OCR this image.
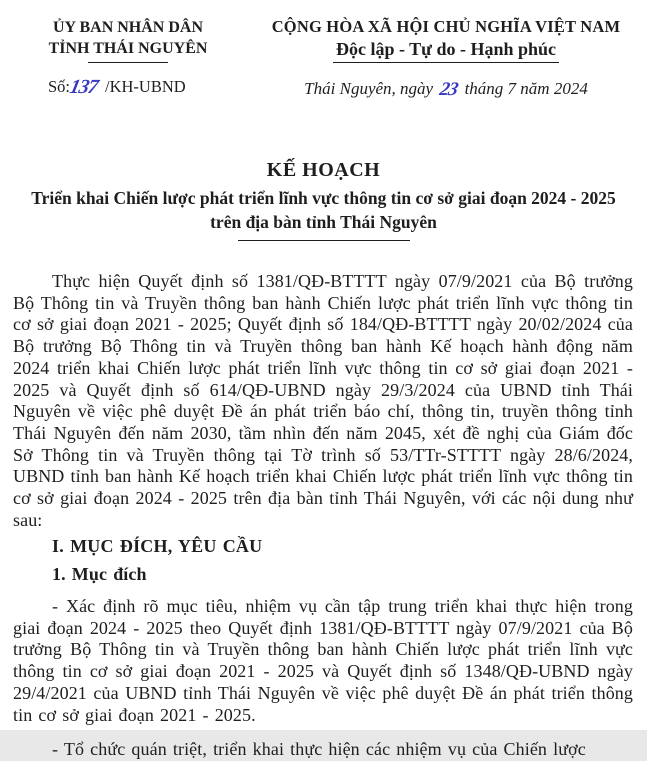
ỦY BAN NHÂN DÂN
TỈNH THÁI NGUYÊN
Số:137 /KH-UBND
CỘNG HÒA XÃ HỘI CHỦ NGHĨA VIỆT NAM
Độc lập - Tự do - Hạnh phúc
Thái Nguyên, ngày 23 tháng 7 năm 2024
KẾ HOẠCH
Triển khai Chiến lược phát triển lĩnh vực thông tin cơ sở giai đoạn 2024 - 2025
trên địa bàn tỉnh Thái Nguyên

Thực hiện Quyết định số 1381/QĐ-BTTTT ngày 07/9/2021 của Bộ trưởng Bộ Thông tin và Truyền thông ban hành Chiến lược phát triển lĩnh vực thông tin cơ sở giai đoạn 2021 - 2025; Quyết định số 184/QĐ-BTTTT ngày 20/02/2024 của Bộ trưởng Bộ Thông tin và Truyền thông ban hành Kế hoạch hành động năm 2024 triển khai Chiến lược phát triển lĩnh vực thông tin cơ sở giai đoạn 2021 - 2025 và Quyết định số 614/QĐ-UBND ngày 29/3/2024 của UBND tỉnh Thái Nguyên về việc phê duyệt Đề án phát triển báo chí, thông tin, truyền thông tỉnh Thái Nguyên đến năm 2030, tầm nhìn đến năm 2045, xét đề nghị của Giám đốc Sở Thông tin và Truyền thông tại Tờ trình số 53/TTr-STTTT ngày 28/6/2024, UBND tỉnh ban hành Kế hoạch triển khai Chiến lược phát triển lĩnh vực thông tin cơ sở giai đoạn 2024 - 2025 trên địa bàn tỉnh Thái Nguyên, với các nội dung như sau:

I. MỤC ĐÍCH, YÊU CẦU
1. Mục đích

- Xác định rõ mục tiêu, nhiệm vụ cần tập trung triển khai thực hiện trong giai đoạn 2024 - 2025 theo Quyết định 1381/QĐ-BTTTT ngày 07/9/2021 của Bộ trưởng Bộ Thông tin và Truyền thông ban hành Chiến lược phát triển lĩnh vực thông tin cơ sở giai đoạn 2021 - 2025 và Quyết định số 1348/QĐ-UBND ngày 29/4/2021 của UBND tỉnh Thái Nguyên về việc phê duyệt Đề án phát triển thông tin cơ sở giai đoạn 2021 - 2025.

- Tổ chức quán triệt, triển khai thực hiện các nhiệm vụ của Chiến lược
